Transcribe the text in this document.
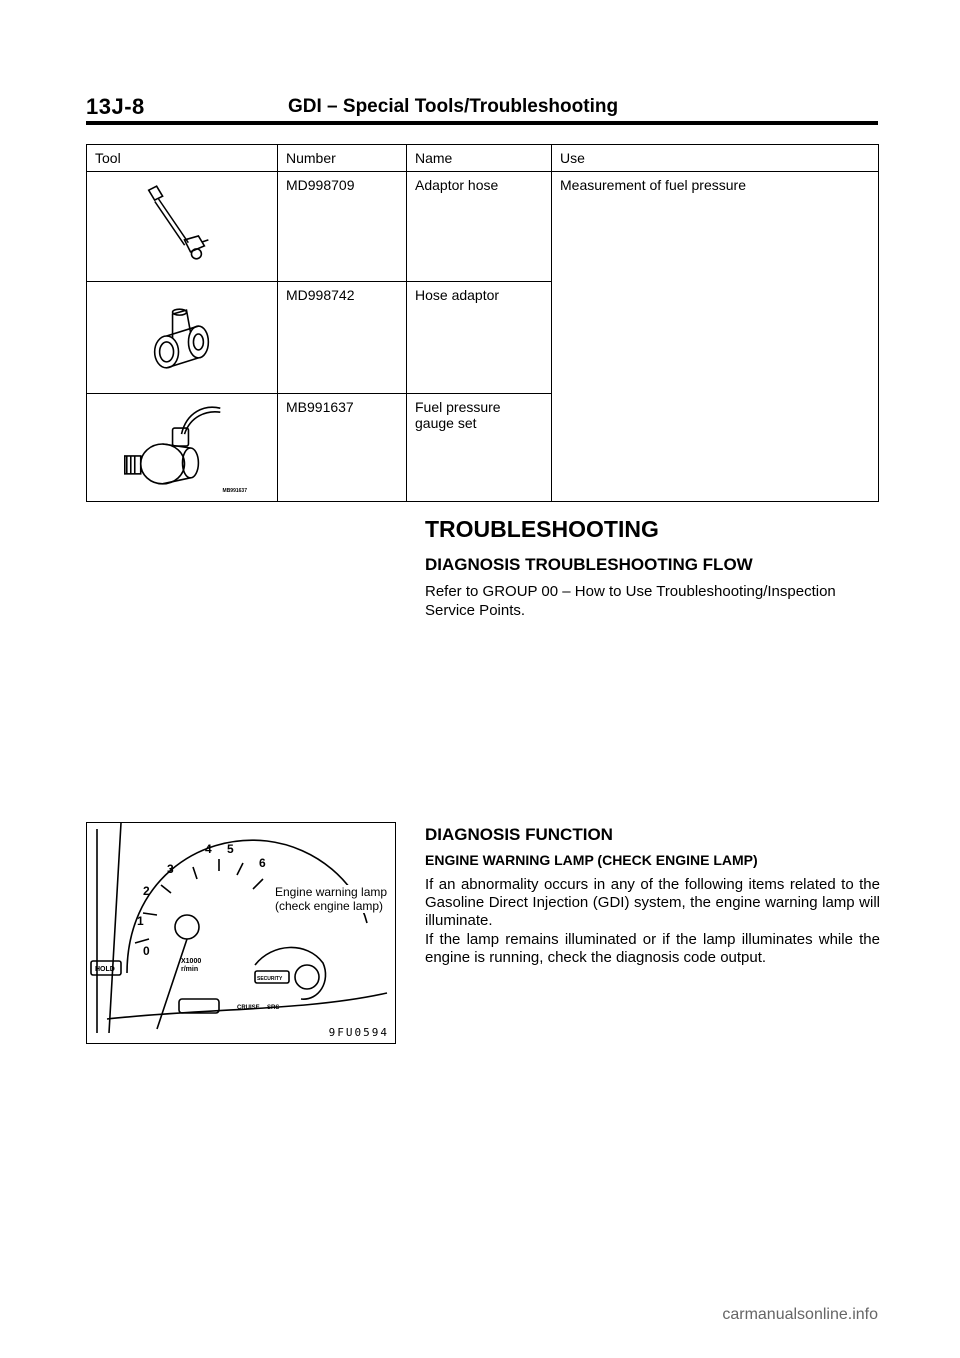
13J-8	GDI – Special Tools/Troubleshooting
Tool	Number	Name	Use

	MD998709	Adaptor hose	Measurement of fuel pressure

	MD998742	Hose adaptor	

MB991637	MB991637	Fuel pressure gauge set	
TROUBLESHOOTING
DIAGNOSIS TROUBLESHOOTING FLOW
Refer to GROUP 00 – How to Use Troubleshooting/Inspection Service Points.
0
1
2
3
4 5
6
X1000
r/min
HOLD
SECURITY
CRUISE SRS
Engine warning lamp
(check engine lamp)
9FU0594
DIAGNOSIS FUNCTION
ENGINE WARNING LAMP (CHECK ENGINE LAMP)
If an abnormality occurs in any of the following items related to the Gasoline Direct Injection (GDI) system, the engine warning lamp will illuminate.
If the lamp remains illuminated or if the lamp illuminates while the engine is running, check the diagnosis code output.
carmanualsonline.info
